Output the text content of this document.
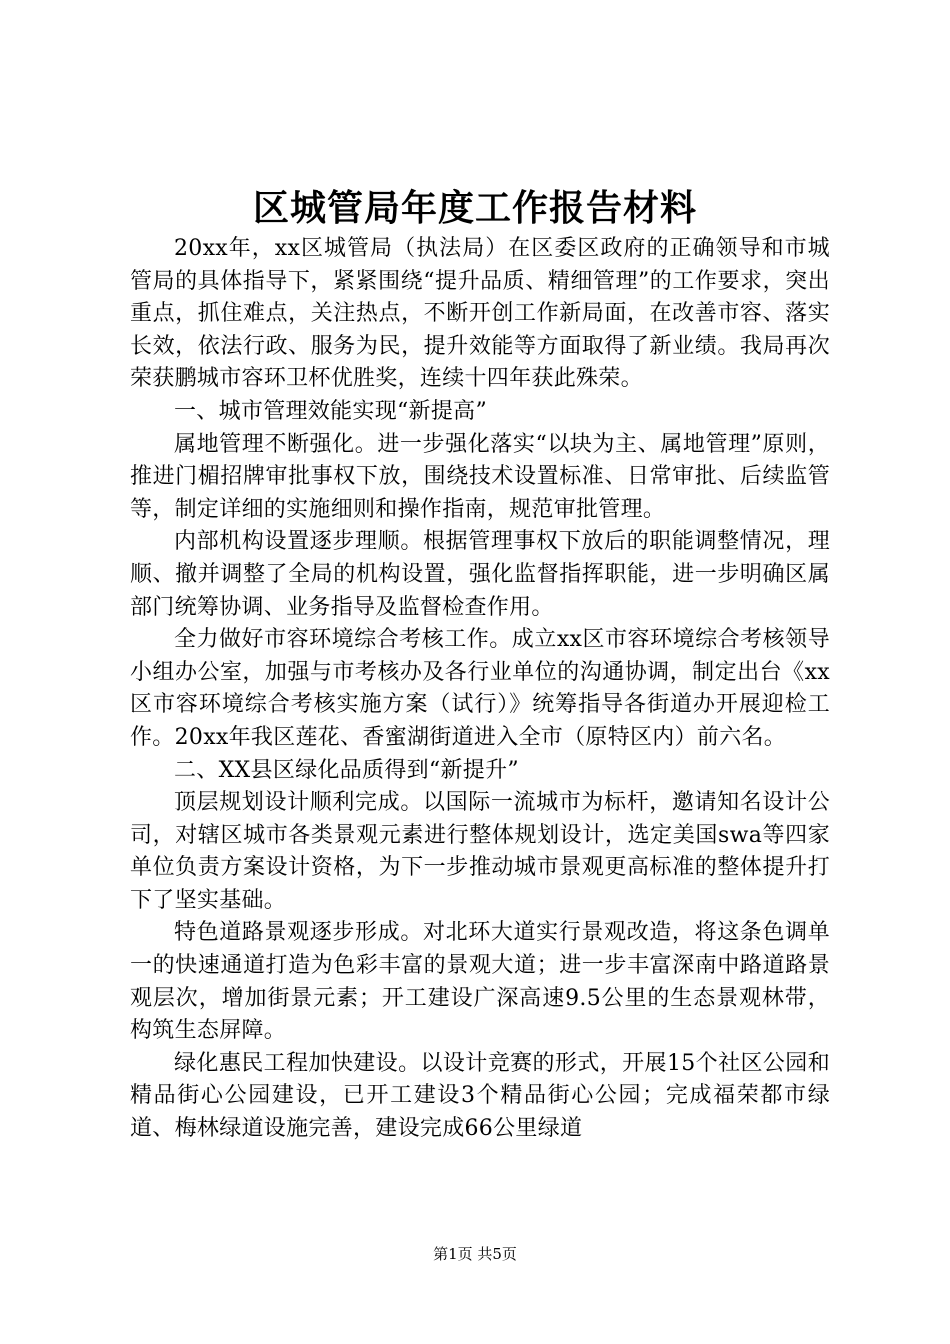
区城管局年度工作报告材料

20xx年，xx区城管局（执法局）在区委区政府的正确领导和市城管局的具体指导下，紧紧围绕“提升品质、精细管理”的工作要求，突出重点，抓住难点，关注热点，不断开创工作新局面，在改善市容、落实长效，依法行政、服务为民，提升效能等方面取得了新业绩。我局再次荣获鹏城市容环卫杯优胜奖，连续十四年获此殊荣。

一、城市管理效能实现“新提高”

属地管理不断强化。进一步强化落实“以块为主、属地管理”原则，推进门楣招牌审批事权下放，围绕技术设置标准、日常审批、后续监管等，制定详细的实施细则和操作指南，规范审批管理。

内部机构设置逐步理顺。根据管理事权下放后的职能调整情况，理顺、撤并调整了全局的机构设置，强化监督指挥职能，进一步明确区属部门统筹协调、业务指导及监督检查作用。

全力做好市容环境综合考核工作。成立xx区市容环境综合考核领导小组办公室，加强与市考核办及各行业单位的沟通协调，制定出台《xx区市容环境综合考核实施方案（试行）》统筹指导各街道办开展迎检工作。20xx年我区莲花、香蜜湖街道进入全市（原特区内）前六名。

二、XX县区绿化品质得到“新提升”

顶层规划设计顺利完成。以国际一流城市为标杆，邀请知名设计公司，对辖区城市各类景观元素进行整体规划设计，选定美国swa等四家单位负责方案设计资格，为下一步推动城市景观更高标准的整体提升打下了坚实基础。

特色道路景观逐步形成。对北环大道实行景观改造，将这条色调单一的快速通道打造为色彩丰富的景观大道；进一步丰富深南中路道路景观层次，增加街景元素；开工建设广深高速9.5公里的生态景观林带，构筑生态屏障。

绿化惠民工程加快建设。以设计竞赛的形式，开展15个社区公园和精品街心公园建设，已开工建设3个精品街心公园；完成福荣都市绿道、梅林绿道设施完善，建设完成66公里绿道

第1页 共5页
